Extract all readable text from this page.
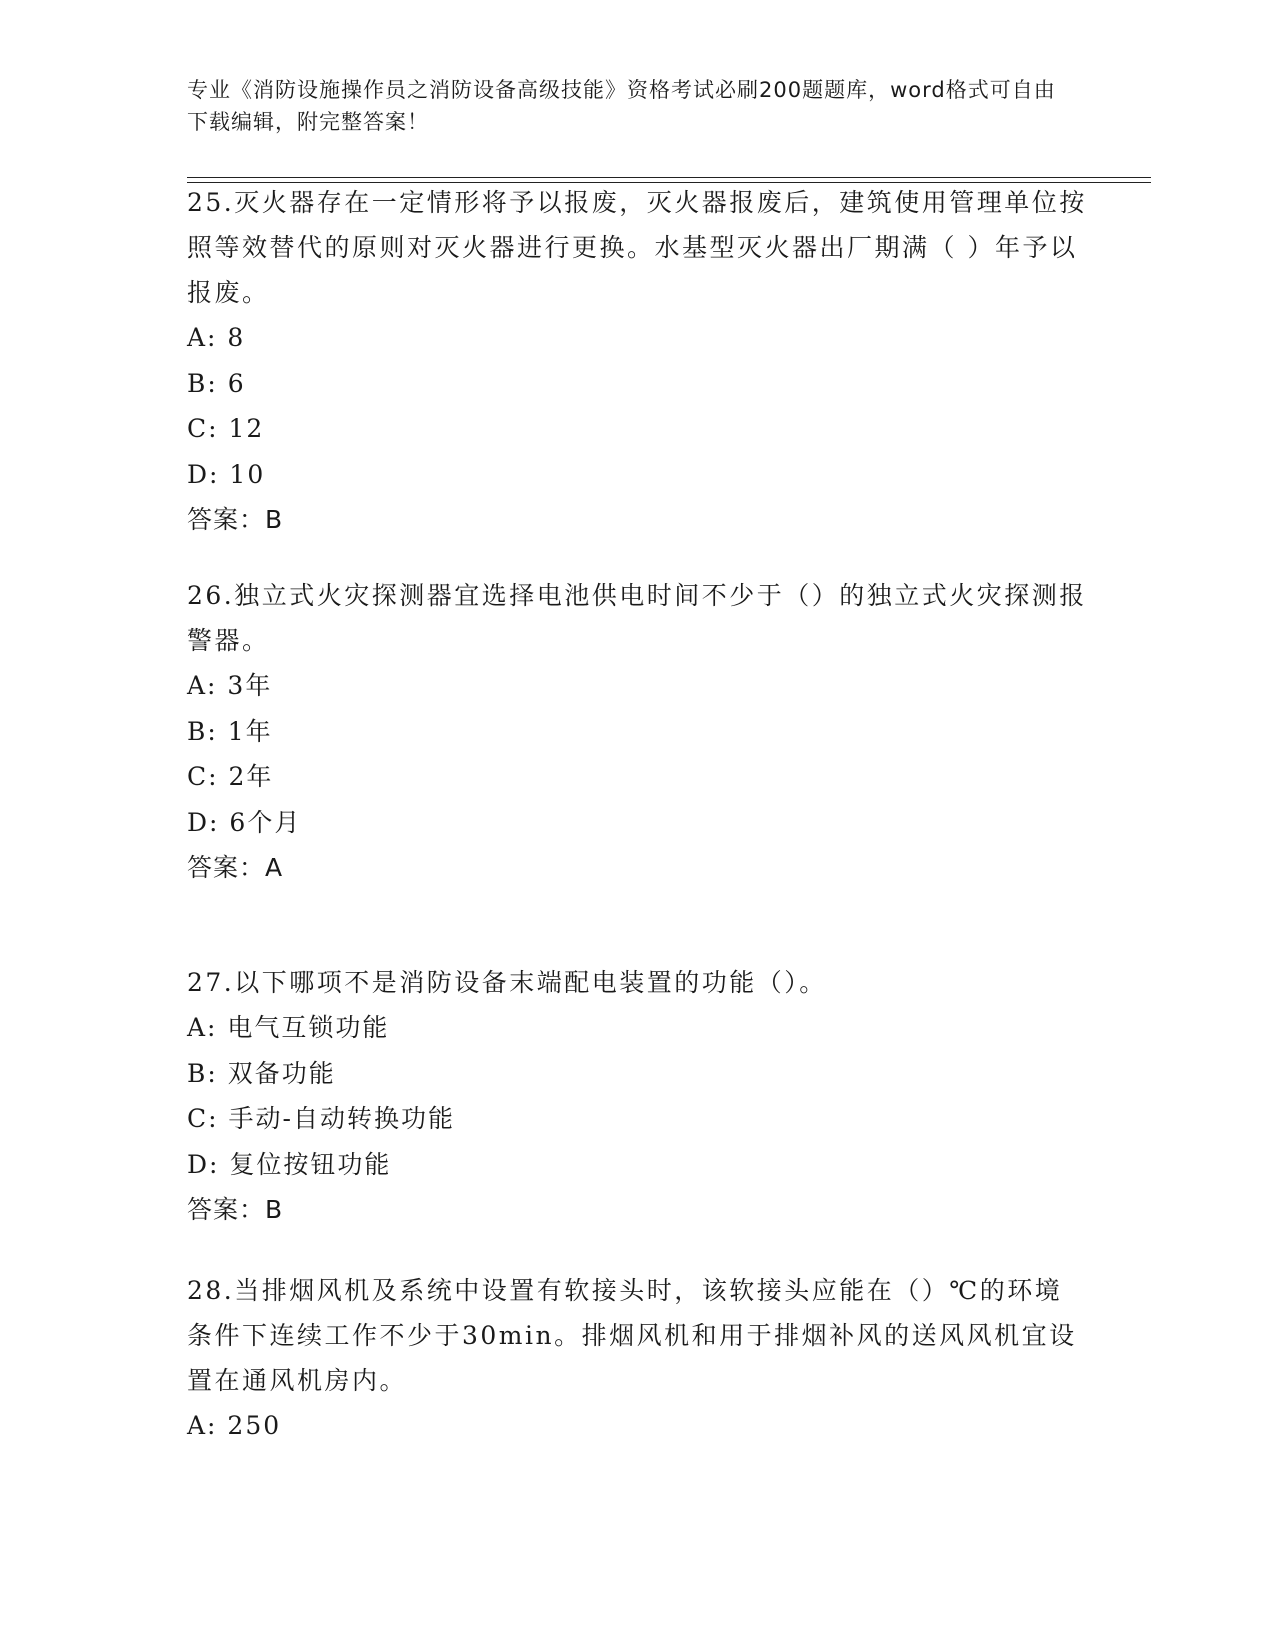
专业《消防设施操作员之消防设备高级技能》资格考试必刷200题题库，word格式可自由下载编辑，附完整答案！

25.灭火器存在一定情形将予以报废，灭火器报废后，建筑使用管理单位按照等效替代的原则对灭火器进行更换。水基型灭火器出厂期满（ ）年予以报废。

A: 8

B: 6

C: 12

D: 10

答案：B

26.独立式火灾探测器宜选择电池供电时间不少于（）的独立式火灾探测报警器。

A: 3年

B: 1年

C: 2年

D: 6个月

答案：A

27.以下哪项不是消防设备末端配电装置的功能（）。

A: 电气互锁功能

B: 双备功能

C: 手动-自动转换功能

D: 复位按钮功能

答案：B

28.当排烟风机及系统中设置有软接头时，该软接头应能在（）℃的环境条件下连续工作不少于30min。排烟风机和用于排烟补风的送风风机宜设置在通风机房内。

A: 250
